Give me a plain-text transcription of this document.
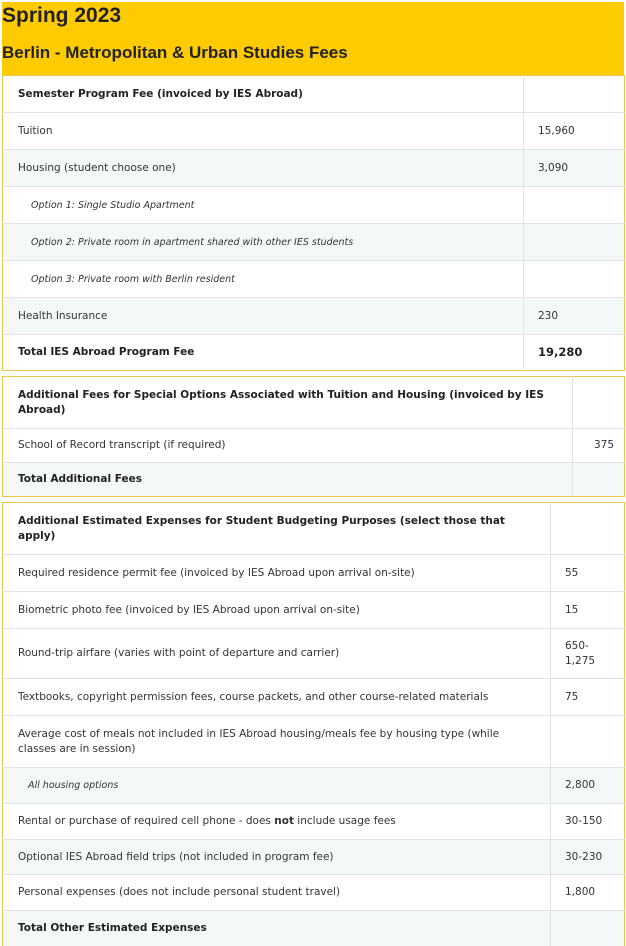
Spring 2023
Berlin - Metropolitan & Urban Studies Fees
Semester Program Fee (invoiced by IES Abroad)	
Tuition	15,960
Housing (student choose one)	3,090
Option 1: Single Studio Apartment	
Option 2: Private room in apartment shared with other IES students	
Option 3: Private room with Berlin resident	
Health Insurance	230
Total IES Abroad Program Fee	19,280
Additional Fees for Special Options Associated with Tuition and Housing (invoiced by IES Abroad)	
School of Record transcript (if required)	375
Total Additional Fees	
Additional Estimated Expenses for Student Budgeting Purposes (select those that apply)	
Required residence permit fee (invoiced by IES Abroad upon arrival on-site)	55
Biometric photo fee (invoiced by IES Abroad upon arrival on-site)	15
Round-trip airfare (varies with point of departure and carrier)	650-1,275
Textbooks, copyright permission fees, course packets, and other course-related materials	75
Average cost of meals not included in IES Abroad housing/meals fee by housing type (while classes are in session)	
All housing options	2,800
Rental or purchase of required cell phone - does not include usage fees	30-150
Optional IES Abroad field trips (not included in program fee)	30-230
Personal expenses (does not include personal student travel)	1,800
Total Other Estimated Expenses	
